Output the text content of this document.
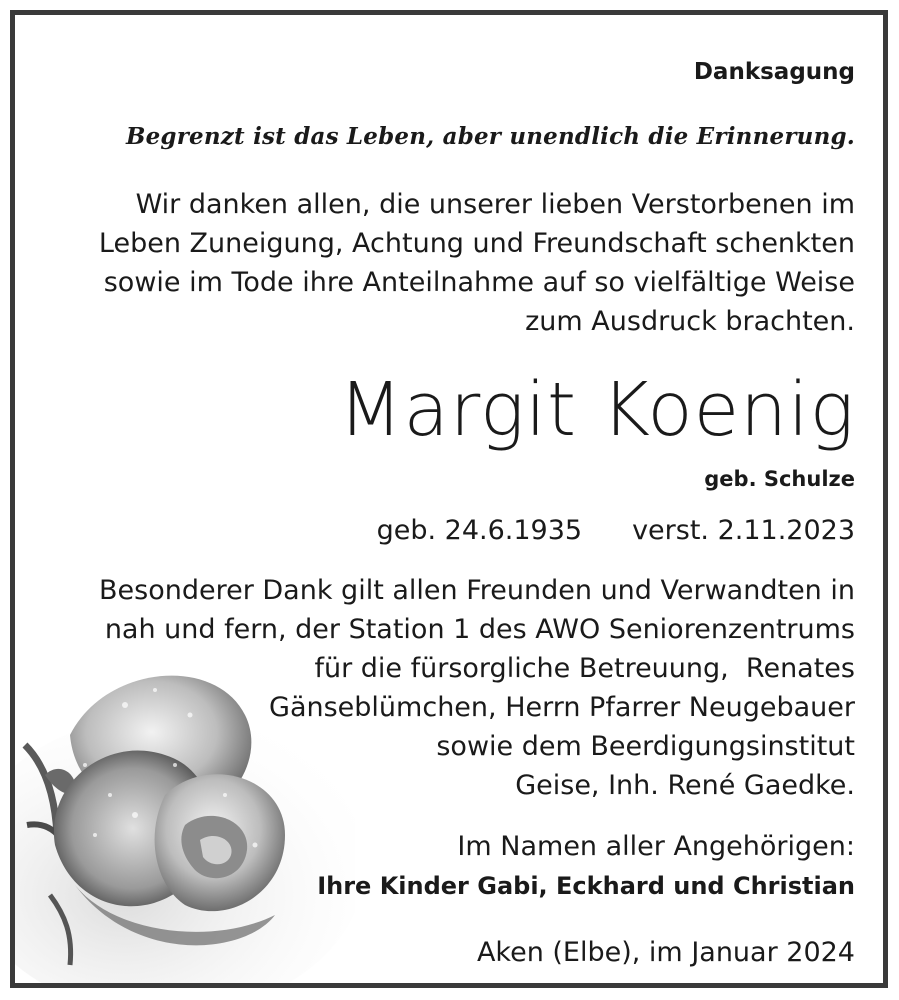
Danksagung
Begrenzt ist das Leben, aber unendlich die Erinnerung.
Wir danken allen, die unserer lieben Verstorbenen im
Leben Zuneigung, Achtung und Freundschaft schenkten
sowie im Tode ihre Anteilnahme auf so vielfältige Weise
zum Ausdruck brachten.
Margit Koenig
geb. Schulze
geb. 24.6.1935 verst. 2.11.2023
Besonderer Dank gilt allen Freunden und Verwandten in
nah und fern, der Station 1 des AWO Seniorenzentrums
für die fürsorgliche Betreuung,  Renates
Gänseblümchen, Herrn Pfarrer Neugebauer
sowie dem Beerdigungsinstitut
Geise, Inh. René Gaedke.
Im Namen aller Angehörigen:
Ihre Kinder Gabi, Eckhard und Christian
Aken (Elbe), im Januar 2024
